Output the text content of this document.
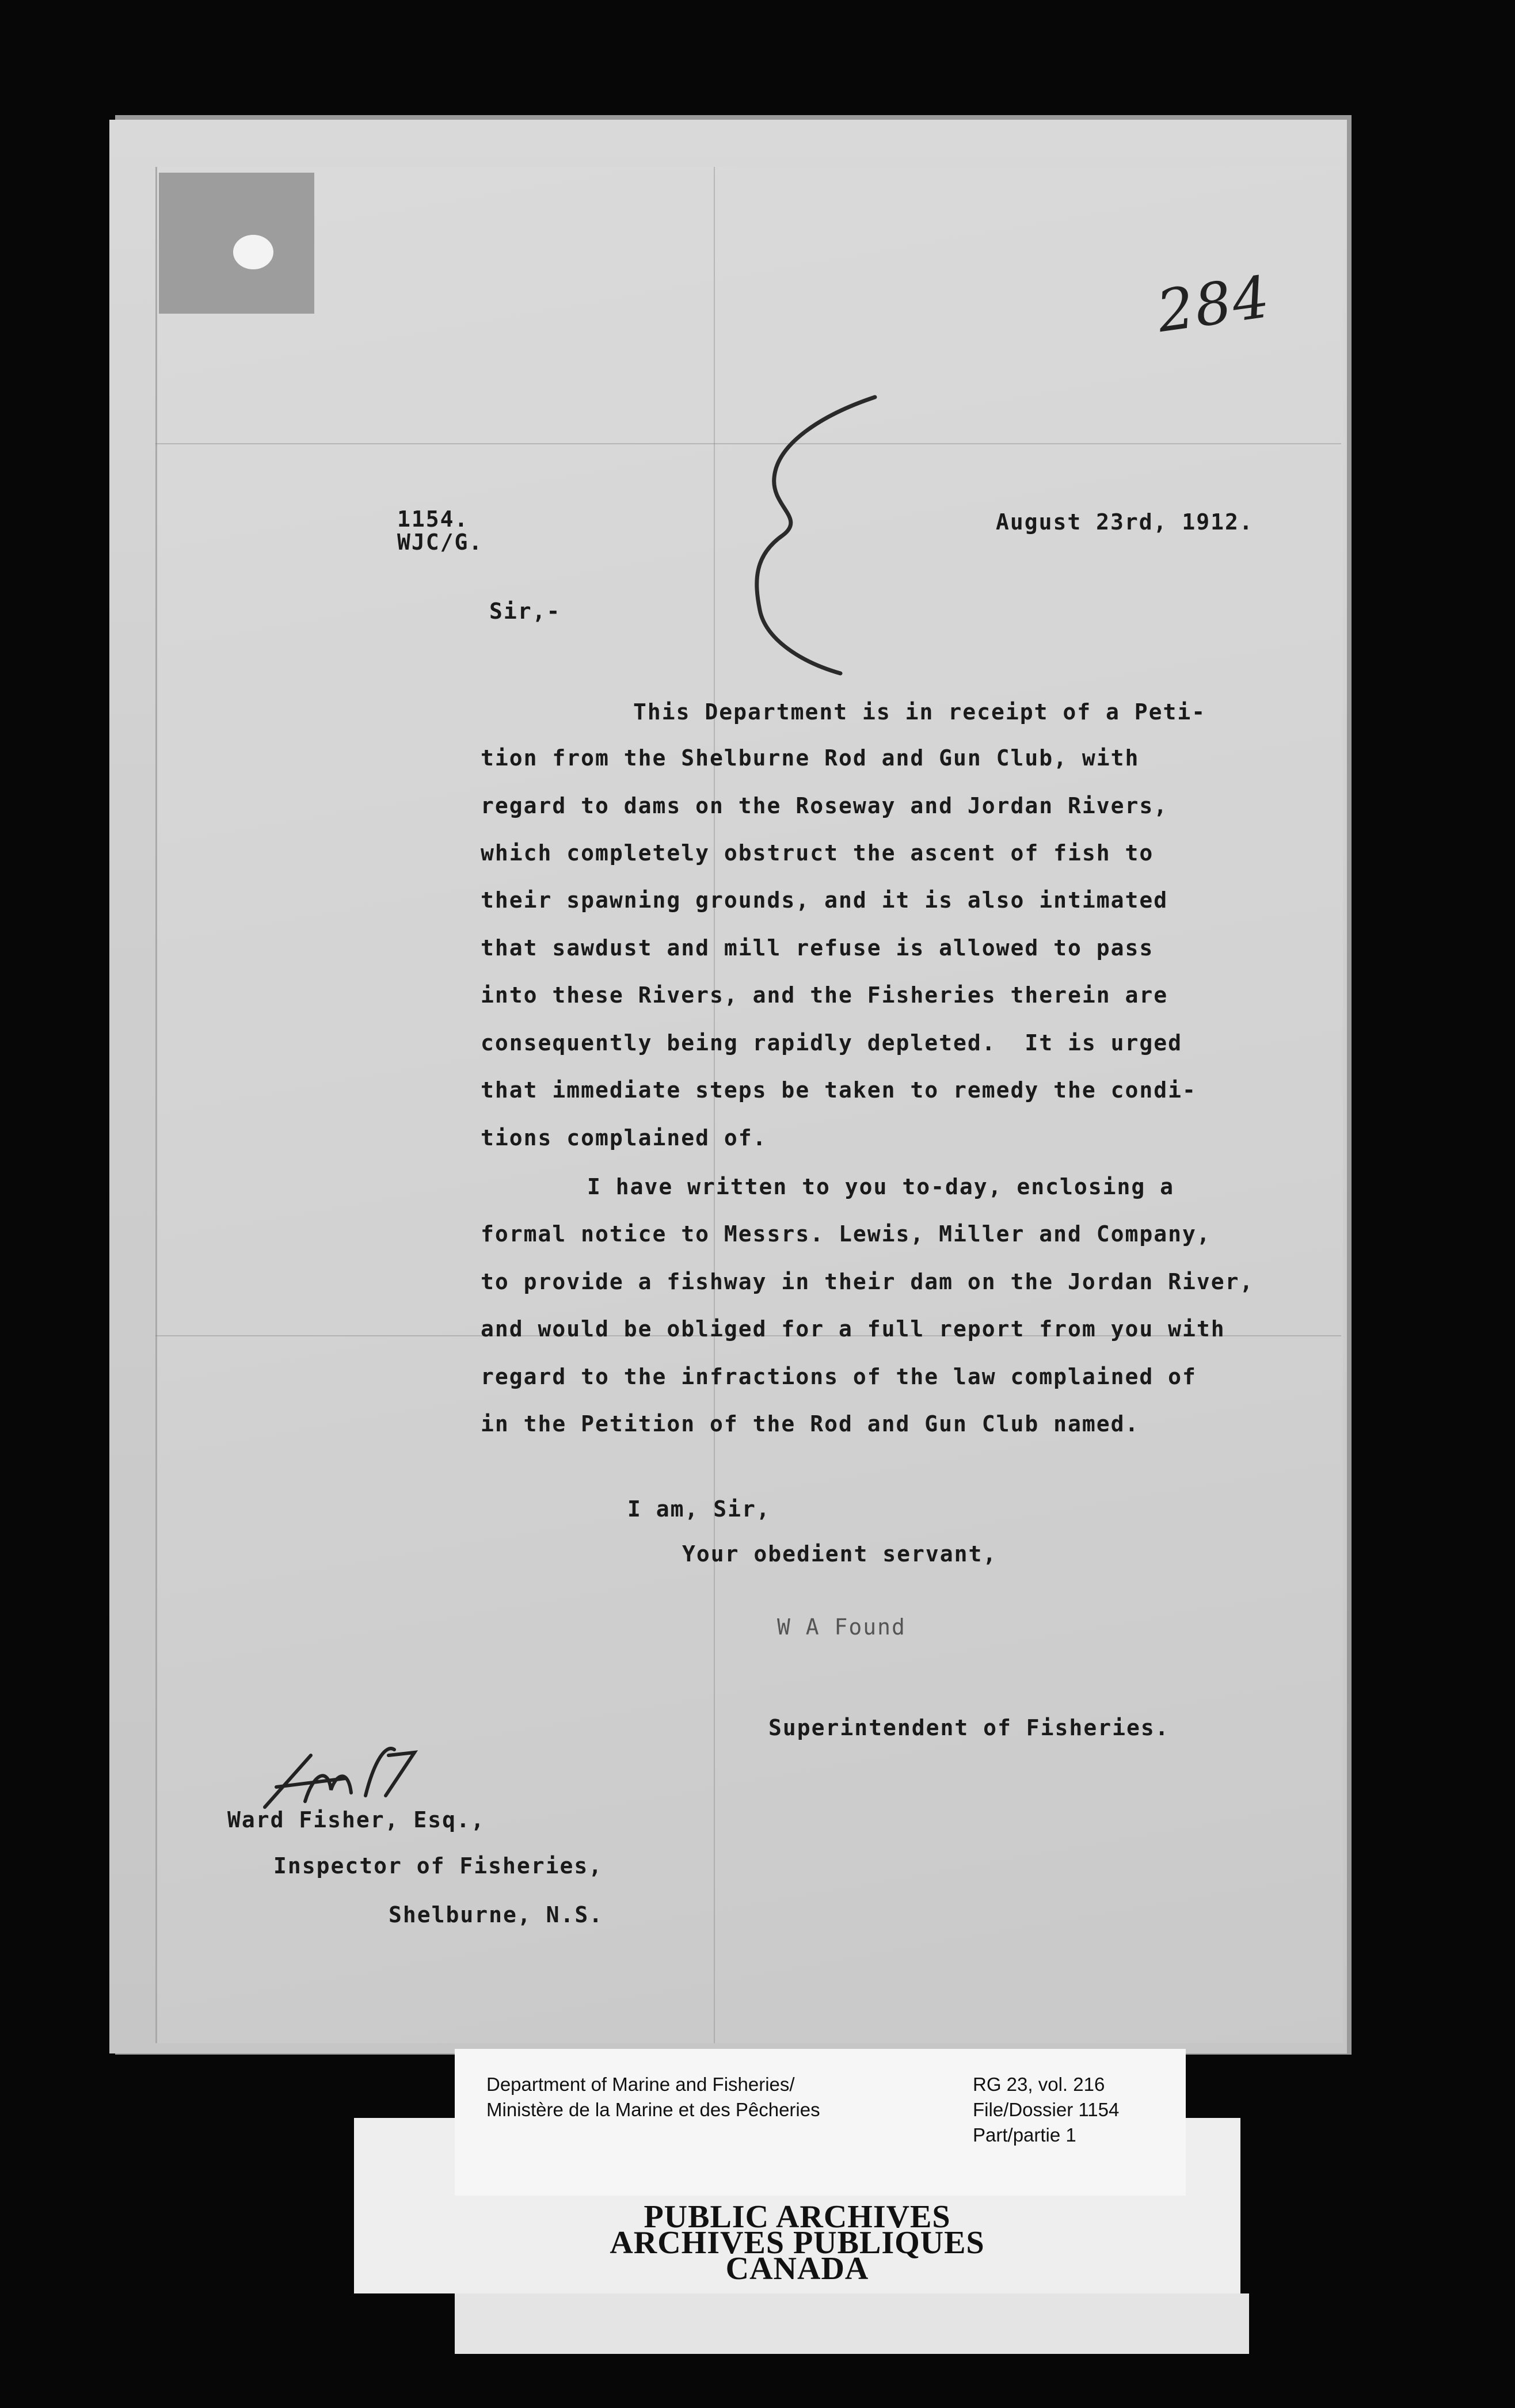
284
1154.
WJC/G.
August 23rd, 1912.
Sir,-
This Department is in receipt of a Peti-
tion from the Shelburne Rod and Gun Club, with
regard to dams on the Roseway and Jordan Rivers,
which completely obstruct the ascent of fish to
their spawning grounds, and it is also intimated
that sawdust and mill refuse is allowed to pass
into these Rivers, and the Fisheries therein are
consequently being rapidly depleted.  It is urged
that immediate steps be taken to remedy the condi-
tions complained of.
I have written to you to-day, enclosing a
formal notice to Messrs. Lewis, Miller and Company,
to provide a fishway in their dam on the Jordan River,
and would be obliged for a full report from you with
regard to the infractions of the law complained of
in the Petition of the Rod and Gun Club named.
I am, Sir,
Your obedient servant,
W A Found
Superintendent of Fisheries.
Ward Fisher, Esq.,
Inspector of Fisheries,
Shelburne, N.S.
Department of Marine and Fisheries/
Ministère de la Marine et des Pêcheries
RG 23, vol. 216
File/Dossier 1154
Part/partie 1
PUBLIC ARCHIVES
ARCHIVES PUBLIQUES
CANADA
